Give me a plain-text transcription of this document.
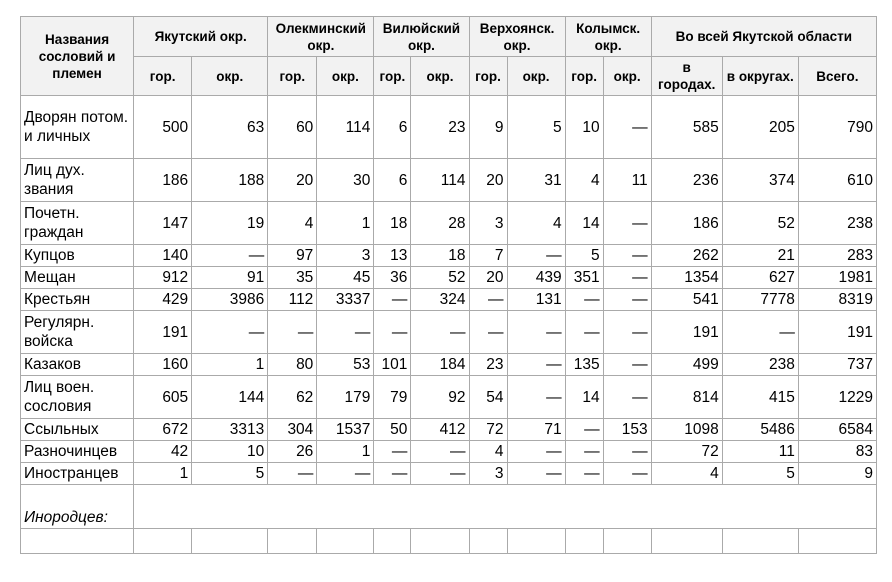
Названия сословий и племен	Якутский окр.		Олекминский окр.		Вилюйский окр.		Верхоянск. окр.		Колымск. окр.		Во всей Якутской области		
	гор.	окр.	гор.	окр.	гор.	окр.	гор.	окр.	гор.	окр.	в городах.	в округах.	Всего.
Дворян потом. и личных	500	63	60	114	6	23	9	5	10	—	585	205	790
Лиц дух. звания	186	188	20	30	6	114	20	31	4	11	236	374	610
Почетн. граждан	147	19	4	1	18	28	3	4	14	—	186	52	238
Купцов	140	—	97	3	13	18	7	—	5	—	262	21	283
Мещан	912	91	35	45	36	52	20	439	351	—	1354	627	1981
Крестьян	429	3986	112	3337	—	324	—	131	—	—	541	7778	8319
Регулярн. войска	191	—	—	—	—	—	—	—	—	—	191	—	191
Казаков	160	1	80	53	101	184	23	—	135	—	499	238	737
Лиц воен. сословия	605	144	62	179	79	92	54	—	14	—	814	415	1229
Ссыльных	672	3313	304	1537	50	412	72	71	—	153	1098	5486	6584
Разночинцев	42	10	26	1	—	—	4	—	—	—	72	11	83
Иностранцев	1	5	—	—	—	—	3	—	—	—	4	5	9
Инородцев:													
